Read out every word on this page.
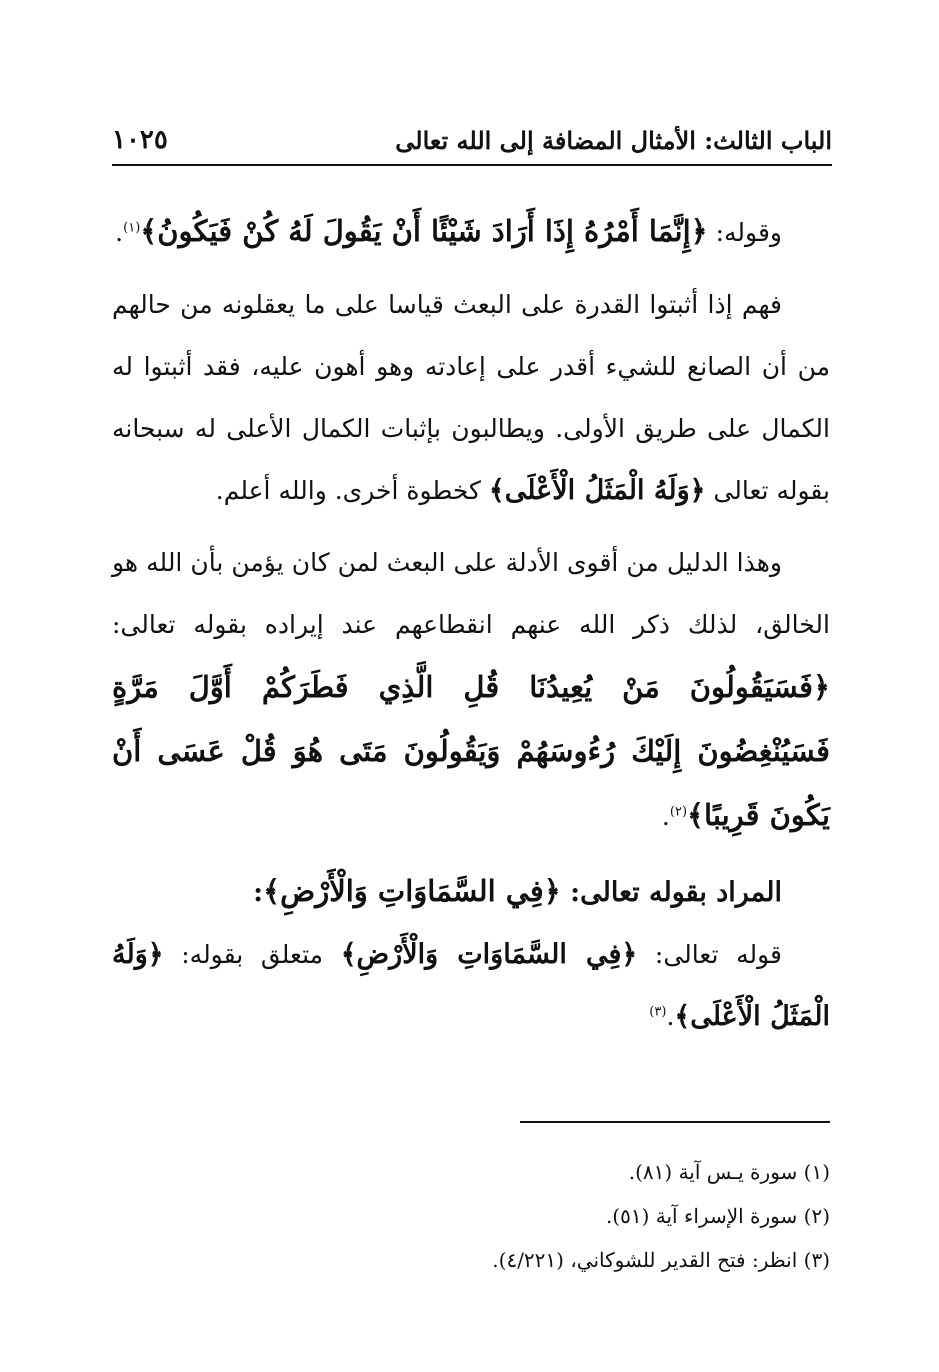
الباب الثالث: الأمثال المضافة إلى الله تعالى
١٠٢٥

وقوله: ﴿إِنَّمَا أَمْرُهُ إِذَا أَرَادَ شَيْئًا أَنْ يَقُولَ لَهُ كُنْ فَيَكُونُ﴾$^{(١)}$.

فهم إذا أثبتوا القدرة على البعث قياسا على ما يعقلونه من حالهم من أن الصانع للشيء أقدر على إعادته وهو أهون عليه، فقد أثبتوا له الكمال على طريق الأولى. ويطالبون بإثبات الكمال الأعلى له سبحانه بقوله تعالى ﴿وَلَهُ الْمَثَلُ الْأَعْلَى﴾ كخطوة أخرى. والله أعلم.

وهذا الدليل من أقوى الأدلة على البعث لمن كان يؤمن بأن الله هو الخالق، لذلك ذكر الله عنهم انقطاعهم عند إيراده بقوله تعالى: ﴿فَسَيَقُولُونَ مَنْ يُعِيدُنَا قُلِ الَّذِي فَطَرَكُمْ أَوَّلَ مَرَّةٍ فَسَيُنْغِضُونَ إِلَيْكَ رُءُوسَهُمْ وَيَقُولُونَ مَتَى هُوَ قُلْ عَسَى أَنْ يَكُونَ قَرِيبًا﴾$^{(٢)}$.

المراد بقوله تعالى: ﴿فِي السَّمَاوَاتِ وَالْأَرْضِ﴾:

قوله تعالى: ﴿فِي السَّمَاوَاتِ وَالْأَرْضِ﴾ متعلق بقوله: ﴿وَلَهُ الْمَثَلُ الْأَعْلَى﴾.$^{(٣)}$

(١) سورة يـس آية (٨١).

(٢) سورة الإسراء آية (٥١).

(٣) انظر: فتح القدير للشوكاني، (٤/٢٢١).
